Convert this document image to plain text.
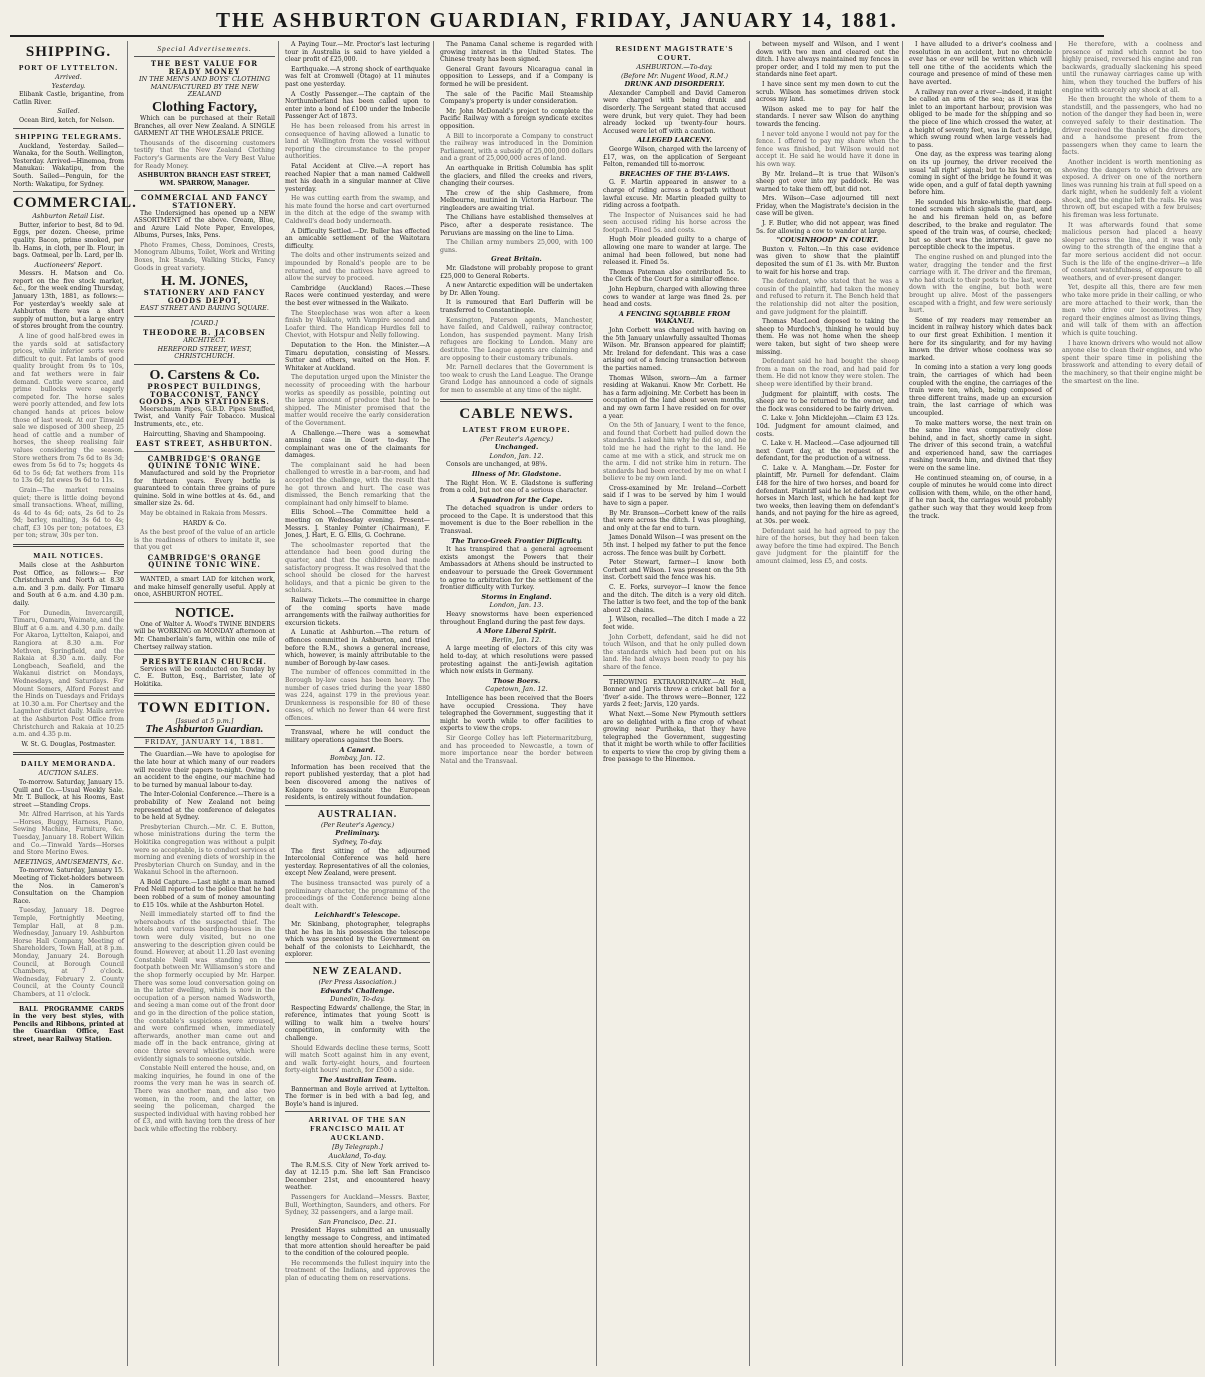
THE ASHBURTON GUARDIAN, FRIDAY, JANUARY 14, 1881.
SHIPPING.
PORT OF LYTTELTON.
Arrived.
Yesterday.

Elibank Castle, brigantine, from Catlin River.

Sailed.

Ocean Bird, ketch, for Nelson.

SHIPPING TELEGRAMS.

Auckland, Yesterday. Sailed—Wanaka, for the South. Wellington, Yesterday. Arrived—Hinemoa, from Manukau: Wakatipu, from the South. Sailed—Penguin, for the North: Wakatipu, for Sydney.

COMMERCIAL.
Ashburton Retail List.

Butter, inferior to best, 8d to 9d. Eggs, per dozen. Cheese, prime quality. Bacon, prime smoked, per lb. Hams, in cloth, per lb. Flour, in bags. Oatmeal, per lb. Lard, per lb.

Auctioneers' Report.

Messrs. H. Matson and Co. report on the five stock market, &c., for the week ending Thursday, January 13th, 1881, as follows:— For yesterday's weekly sale at Ashburton there was a short supply of mutton, but a large entry of stores brought from the country.

A line of good half-bred ewes in the yards sold at satisfactory prices, while inferior sorts were difficult to quit. Fat lambs of good quality brought from 9s to 10s, and fat wethers were in fair demand. Cattle were scarce, and prime bullocks were eagerly competed for. The horse sales were poorly attended, and few lots changed hands at prices below those of last week. At our Tinwald sale we disposed of 300 sheep, 25 head of cattle and a number of horses, the sheep realising fair values considering the season. Store wethers from 7s 6d to 8s 3d; ewes from 5s 6d to 7s; hoggets 4s 6d to 5s 6d; fat wethers from 11s to 13s 6d; fat ewes 9s 6d to 11s.

Grain—The market remains quiet; there is little doing beyond small transactions. Wheat, milling, 4s 4d to 4s 6d; oats, 2s 6d to 2s 9d; barley, malting, 3s 6d to 4s; chaff, £3 10s per ton; potatoes, £3 per ton; straw, 30s per ton.

MAIL NOTICES.

Mails close at the Ashburton Post Office, as follows:— For Christchurch and North at 8.30 a.m. and 3 p.m. daily. For Timaru and South at 6 a.m. and 4.30 p.m. daily.

For Dunedin, Invercargill, Timaru, Oamaru, Waimate, and the Bluff at 6 a.m. and 4.30 p.m. daily. For Akaroa, Lyttelton, Kaiapoi, and Rangiora at 8.30 a.m. For Methven, Springfield, and the Rakaia at 8.30 a.m. daily. For Longbeach, Seafield, and the Wakanui district on Mondays, Wednesdays, and Saturdays. For Mount Somers, Alford Forest and the Hinds on Tuesdays and Fridays at 10.30 a.m. For Chertsey and the Lagmhor district daily. Mails arrive at the Ashburton Post Office from Christchurch and Rakaia at 10.25 a.m. and 4.35 p.m.

W. St. G. Douglas, Postmaster.

DAILY MEMORANDA.
AUCTION SALES.

To-morrow. Saturday, January 15. Quill and Co.—Usual Weekly Sale. Mr. T. Bullock, at his Rooms, East street —Standing Crops.

Mr. Alfred Harrison, at his Yards—Horses, Buggy, Harness, Piano, Sewing Machine, Furniture, &c. Tuesday, January 18. Robert Wilkin and Co.—Tinwald Yards—Horses and Store Merino Ewes.

MEETINGS, AMUSEMENTS, &c.

To-morrow. Saturday, January 15. Meeting of Ticket-holders between the Nos. in Cameron's Consultation on the Champion Race.

Tuesday, January 18. Degree Temple, Fortnightly Meeting, Templar Hall, at 8 p.m. Wednesday, January 19. Ashburton Horse Hall Company, Meeting of Shareholders, Town Hall, at 8 p.m. Monday, January 24. Borough Council, at Borough Council Chambers, at 7 o'clock. Wednesday, February 2. County Council, at the County Council Chambers, at 11 o'clock.

BALL PROGRAMME CARDS in the very best styles, with Pencils and Ribbons, printed at the Guardian Office, East street, near Railway Station.

Special Advertisements.
THE BEST VALUE FOR READY MONEY
IN THE MEN'S AND BOYS' CLOTHING MANUFACTURED BY THE NEW ZEALAND
Clothing Factory,

Which can be purchased at their Retail Branches, all over New Zealand. A SINGLE GARMENT AT THE WHOLESALE PRICE.

Thousands of the discerning customers testify that the New Zealand Clothing Factory's Garments are the Very Best Value for Ready Money.

ASHBURTON BRANCH EAST STREET, WM. SPARROW, Manager.

COMMERCIAL AND FANCY STATIONERY.

The Undersigned has opened up a NEW ASSORTMENT of the above. Cream, Blue, and Azure Laid Note Paper, Envelopes, Albums, Purses, Inks, Pens.

Photo Frames, Chess, Dominoes, Crests, Monogram Albums, Toilet, Work and Writing Boxes, Ink Stands, Walking Sticks, Fancy Goods in great variety.

H. M. JONES,
STATIONERY AND FANCY GOODS DEPOT,
EAST STREET AND BARING SQUARE.
[CARD.]
THEODORE B. JACOBSEN
ARCHITECT.
HEREFORD STREET, WEST, CHRISTCHURCH.
O. Carstens & Co.
PROSPECT BUILDINGS, TOBACCONIST, FANCY GOODS, AND STATIONERS.

Meerschaum Pipes, G.B.D. Pipes Snuffed, Twist, and Vanity Fair Tobacco. Musical Instruments, etc., etc.

Haircutting, Shaving and Shampooing.

EAST STREET, ASHBURTON.
CAMBRIDGE'S ORANGE QUININE TONIC WINE.

Manufactured and sold by the Proprietor for thirteen years. Every bottle is guaranteed to contain three grains of pure quinine. Sold in wine bottles at 4s. 6d., and smaller size 2s. 6d.

May be obtained in Rakaia from Messrs.

HARDY & Co.

As the best proof of the value of an article is the readiness of others to imitate it, see that you get

CAMBRIDGE'S ORANGE QUININE TONIC WINE.

WANTED, a smart LAD for kitchen work, and make himself generally useful. Apply at once, ASHBURTON HOTEL.

NOTICE.

One of Walter A. Wood's TWINE BINDERS will be WORKING on MONDAY afternoon at Mr. Chamberlain's farm, within one mile of Chertsey railway station.

PRESBYTERIAN CHURCH.

Services will be conducted on Sunday by C. E. Button, Esq., Barrister, late of Hokitika.

TOWN EDITION.
[Issued at 5 p.m.]
The Ashburton Guardian.
FRIDAY, JANUARY 14, 1881.

The Guardian.—We have to apologise for the late hour at which many of our readers will receive their papers to-night. Owing to an accident to the engine, our machine had to be turned by manual labour to-day.

The Inter-Colonial Conference.—There is a probability of New Zealand not being represented at the conference of delegates to be held at Sydney.

Presbyterian Church.—Mr. C. E. Button, whose ministrations during the term the Hokitika congregation was without a pulpit were so acceptable, is to conduct services at morning and evening diets of worship in the Presbyterian Church on Sunday, and in the Wakanui School in the afternoon.

A Bold Capture.—Last night a man named Fred Neill reported to the police that he had been robbed of a sum of money amounting to £15 10s. while at the Ashburton Hotel.

Neill immediately started off to find the whereabouts of the suspected thief. The hotels and various boarding-houses in the town were duly visited, but no one answering to the description given could be found. However, at about 11.20 last evening Constable Neill was standing on the footpath between Mr. Williamson's store and the shop formerly occupied by Mr. Harper. There was some loud conversation going on in the latter dwelling, which is now in the occupation of a person named Wadsworth, and seeing a man come out of the front door and go in the direction of the police station, the constable's suspicions were aroused, and were confirmed when, immediately afterwards, another man came out and made off in the back entrance, giving at once three several whistles, which were evidently signals to someone outside.

Constable Neill entered the house, and, on making inquiries, he found in one of the rooms the very man he was in search of. There was another man, and also two women, in the room, and the latter, on seeing the policeman, charged the suspected individual with having robbed her of £3, and with having torn the dress of her back while effecting the robbery.

A Paying Tour.—Mr. Proctor's last lecturing tour in Australia is said to have yielded a clear profit of £25,000.

Earthquake.—A strong shock of earthquake was felt at Cromwell (Otago) at 11 minutes past one yesterday.

A Costly Passenger.—The captain of the Northumberland has been called upon to enter into a bond of £100 under the Imbecile Passenger Act of 1873.

He has been released from his arrest in consequence of having allowed a lunatic to land at Wellington from the vessel without reporting the circumstance to the proper authorities.

Fatal Accident at Clive.—A report has reached Napier that a man named Caldwell met his death in a singular manner at Clive yesterday.

He was cutting earth from the swamp, and his mate found the horse and cart overturned in the ditch at the edge of the swamp with Caldwell's dead body underneath.

A Difficulty Settled.—Dr. Buller has effected an amicable settlement of the Waitotara difficulty.

The dolts and other instruments seized and impounded by Ronald's people are to be returned, and the natives have agreed to allow the survey to proceed.

Cambridge (Auckland) Races.—These Races were continued yesterday, and were the best ever witnessed in the Waikato.

The Steeplechase was won after a keen finish by Waikato, with Vampire second and Loafer third. The Handicap Hurdles fell to Cheviot, with Hotspur and Nelly following.

Deputation to the Hon. the Minister.—A Timaru deputation, consisting of Messrs. Sutter and others, waited on the Hon. F. Whitaker at Auckland.

The deputation urged upon the Minister the necessity of proceeding with the harbour works as speedily as possible, pointing out the large amount of produce that had to be shipped. The Minister promised that the matter would receive the early consideration of the Government.

A Challenge.—There was a somewhat amusing case in Court to-day. The complainant was one of the claimants for damages.

The complainant said he had been challenged to wrestle in a bar-room, and had accepted the challenge, with the result that he got thrown and hurt. The case was dismissed, the Bench remarking that the complainant had only himself to blame.

Ellis School.—The Committee held a meeting on Wednesday evening. Present—Messrs. J. Stanley Pointer (Chairman), F. Jones, J. Hart, E. G. Ellis, G. Cochrane.

The schoolmaster reported that the attendance had been good during the quarter, and that the children had made satisfactory progress. It was resolved that the school should be closed for the harvest holidays, and that a picnic be given to the scholars.

Railway Tickets.—The committee in charge of the coming sports have made arrangements with the railway authorities for excursion tickets.

A Lunatic at Ashburton.—The return of offences committed in Ashburton, and tried before the R.M., shows a general increase, which, however, is mainly attributable to the number of Borough by-law cases.

The number of offences committed in the Borough by-law cases has been heavy. The number of cases tried during the year 1880 was 224, against 179 in the previous year. Drunkenness is responsible for 80 of these cases, of which no fewer than 44 were first offences.

Transvaal, where he will conduct the military operations against the Boers.

A Canard.
Bombay, Jan. 12.

Information has been received that the report published yesterday, that a plot had been discovered among the natives of Kolapore to assassinate the European residents, is entirely without foundation.

AUSTRALIAN.
(Per Reuter's Agency.)
Preliminary.
Sydney, To-day.

The first sitting of the adjourned Intercolonial Conference was held here yesterday. Representatives of all the colonies, except New Zealand, were present.

The business transacted was purely of a preliminary character, the programme of the proceedings of the Conference being alone dealt with.

Leichhardt's Telescope.

Mr. Skinbang, photographer, telegraphs that he has in his possession the telescope which was presented by the Government on behalf of the colonists to Leichhardt, the explorer.

NEW ZEALAND.
(Per Press Association.)
Edwards' Challenge.
Dunedin, To-day.

Respecting Edwards' challenge, the Star, in reference, intimates that young Scott is willing to walk him a twelve hours' competition, in conformity with the challenge.

Should Edwards decline these terms, Scott will match Scott against him in any event, and walk forty-eight hours, and fourteen forty-eight hours' match, for £500 a side.

The Australian Team.

Bannerman and Boyle arrived at Lyttelton. The former is in bed with a bad leg, and Boyle's hand is injured.

ARRIVAL OF THE SAN FRANCISCO MAIL AT AUCKLAND.
[By Telegraph.]
Auckland, To-day.

The R.M.S.S. City of New York arrived to-day at 12.15 p.m. She left San Francisco December 21st, and encountered heavy weather.

Passengers for Auckland—Messrs. Baxter, Bull, Worthington, Saunders, and others. For Sydney, 32 passengers, and a large mail.

San Francisco, Dec. 21.

President Hayes submitted an unusually lengthy message to Congress, and intimated that more attention should hereafter be paid to the condition of the coloured people.

He recommends the fullest inquiry into the treatment of the Indians, and approves the plan of educating them on reservations.

The Panama Canal scheme is regarded with growing interest in the United States. The Chinese treaty has been signed.

General Grant favours Nicaragua canal in opposition to Lesseps, and if a Company is formed he will be president.

The sale of the Pacific Mail Steamship Company's property is under consideration.

Mr. John McDonald's project to complete the Pacific Railway with a foreign syndicate excites opposition.

A Bill to incorporate a Company to construct the railway was introduced in the Dominion Parliament, with a subsidy of 25,000,000 dollars and a grant of 25,000,000 acres of land.

An earthquake in British Columbia has split the glaciers, and filled the creeks and rivers, changing their courses.

The crew of the ship Cashmere, from Melbourne, mutinied in Victoria Harbour. The ringleaders are awaiting trial.

The Chilians have established themselves at Pisco, after a desperate resistance. The Peruvians are massing on the line to Lima.

The Chilian army numbers 25,000, with 100 guns.

Great Britain.

Mr. Gladstone will probably propose to grant £25,000 to General Roberts.

A new Antarctic expedition will be undertaken by Dr. Allen Young.

It is rumoured that Earl Dufferin will be transferred to Constantinople.

Kensington, Paterson agents, Manchester, have failed, and Caldwell, railway contractor, London, has suspended payment. Many Irish refugees are flocking to London. Many are destitute. The League agents are claiming and are opposing to their customary tribunals.

Mr. Parnell declares that the Government is too weak to crush the Land League. The Orange Grand Lodge has announced a code of signals for men to assemble at any time of the night.

CABLE NEWS.
LATEST FROM EUROPE.
(Per Reuter's Agency.)
Unchanged.
London, Jan. 12.

Consols are unchanged, at 98⅝.

Illness of Mr. Gladstone.

The Right Hon. W. E. Gladstone is suffering from a cold, but not one of a serious character.

A Squadron for the Cape.

The detached squadron is under orders to proceed to the Cape. It is understood that this movement is due to the Boer rebellion in the Transvaal.

The Turco-Greek Frontier Difficulty.

It has transpired that a general agreement exists amongst the Powers that their Ambassadors at Athens should be instructed to endeavour to persuade the Greek Government to agree to arbitration for the settlement of the frontier difficulty with Turkey.

Storms in England.
London, Jan. 13.

Heavy snowstorms have been experienced throughout England during the past few days.

A More Liberal Spirit.
Berlin, Jan. 12.

A large meeting of electors of this city was held to-day, at which resolutions were passed protesting against the anti-Jewish agitation which now exists in Germany.

Those Boers.
Capetown, Jan. 12.

Intelligence has been received that the Boers have occupied Cressiona. They have telegraphed the Government, suggesting that it might be worth while to offer facilities to experts to view the crops.

Sir George Colley has left Pietermaritzburg, and has proceeded to Newcastle, a town of more importance near the border between Natal and the Transvaal.

RESIDENT MAGISTRATE'S COURT.
ASHBURTON.—To-day.
(Before Mr. Nugent Wood, R.M.)
DRUNK AND DISORDERLY.

Alexander Campbell and David Cameron were charged with being drunk and disorderly. The Sergeant stated that accused were drunk, but very quiet. They had been already locked up twenty-four hours. Accused were let off with a caution.

ALLEGED LARCENY.

George Wilson, charged with the larceny of £17, was, on the application of Sergeant Felton, remanded till to-morrow.

BREACHES OF THE BY-LAWS.

G. F. Martin appeared in answer to a charge of riding across a footpath without lawful excuse. Mr. Martin pleaded guilty to riding across a footpath.

The Inspector of Nuisances said he had seen accused riding his horse across the footpath. Fined 5s. and costs.

Hugh Moir pleaded guilty to a charge of allowing one mare to wander at large. The animal had been followed, but none had released it. Fined 5s.

Thomas Pateman also contributed 5s. to the Clerk of the Court for a similar offence.

John Hepburn, charged with allowing three cows to wander at large was fined 2s. per head and costs.

A FENCING SQUABBLE FROM WAKANUI.

John Corbett was charged with having on the 5th January unlawfully assaulted Thomas Wilson. Mr. Branson appeared for plaintiff; Mr. Ireland for defendant. This was a case arising out of a fencing transaction between the parties named.

Thomas Wilson, sworn—Am a farmer residing at Wakanui. Know Mr. Corbett. He has a farm adjoining. Mr. Corbett has been in occupation of the land about seven months, and my own farm I have resided on for over a year.

On the 5th of January, I went to the fence, and found that Corbett had pulled down the standards. I asked him why he did so, and he told me he had the right to the land. He came at me with a stick, and struck me on the arm. I did not strike him in return. The standards had been erected by me on what I believe to be my own land.

Cross-examined by Mr. Ireland—Corbett said if I was to be served by him I would have to sign a paper.

By Mr. Branson—Corbett knew of the rails that were across the ditch. I was ploughing, and only at the far end to turn.

James Donald Wilson—I was present on the 5th inst. I helped my father to put the fence across. The fence was built by Corbett.

Peter Stewart, farmer—I know both Corbett and Wilson. I was present on the 5th inst. Corbett said the fence was his.

C. E. Forks, surveyor—I know the fence and the ditch. The ditch is a very old ditch. The latter is two feet, and the top of the bank about 22 chains.

J. Wilson, recalled—The ditch I made a 22 feet wide.

John Corbett, defendant, said he did not touch Wilson, and that he only pulled down the standards which had been put on his land. He had always been ready to pay his share of the fence.

THROWING EXTRAORDINARY.—At Holl, Bonner and Jarvis threw a cricket ball for a 'fiver' a-side. The throws were—Bonner, 122 yards 2 feet; Jarvis, 120 yards.

What Next.—Some New Plymouth settlers are so delighted with a fine crop of wheat growing near Puriheka, that they have telegraphed the Government, suggesting that it might be worth while to offer facilities to experts to view the crop by giving them a free passage to the Hinemoa.

between myself and Wilson, and I went down with two men and cleared out the ditch. I have always maintained my fences in proper order, and I told my men to put the standards nine feet apart.

I have since sent my men down to cut the scrub. Wilson has sometimes driven stock across my land.

Wilson asked me to pay for half the standards. I never saw Wilson do anything towards the fencing.

I never told anyone I would not pay for the fence. I offered to pay my share when the fence was finished, but Wilson would not accept it. He said he would have it done in his own way.

By Mr. Ireland—It is true that Wilson's sheep got over into my paddock. He was warned to take them off, but did not.

Mrs. Wilson—Case adjourned till next Friday, when the Magistrate's decision in the case will be given.

J. F. Butler, who did not appear, was fined 5s. for allowing a cow to wander at large.

"COUSINHOOD" IN COURT.

Buxton v. Felton.—In this case evidence was given to show that the plaintiff deposited the sum of £1 3s. with Mr. Buxton to wait for his horse and trap.

The defendant, who stated that he was a cousin of the plaintiff, had taken the money and refused to return it. The Bench held that the relationship did not alter the position, and gave judgment for the plaintiff.

Thomas MacLeod deposed to taking the sheep to Murdoch's, thinking he would buy them. He was not home when the sheep were taken, but sight of two sheep were missing.

Defendant said he had bought the sheep from a man on the road, and had paid for them. He did not know they were stolen. The sheep were identified by their brand.

Judgment for plaintiff, with costs. The sheep are to be returned to the owner, and the flock was considered to be fairly driven.

C. Lake v. John Micklejohn.—Claim £3 12s. 10d. Judgment for amount claimed, and costs.

C. Lake v. H. Macleod.—Case adjourned till next Court day, at the request of the defendant, for the production of a witness.

C. Lake v. A. Mangham.—Dr. Foster for plaintiff, Mr. Purnell for defendant. Claim £48 for the hire of two horses, and board for defendant. Plaintiff said he let defendant two horses in March last, which he had kept for two weeks, then leaving them on defendant's hands, and not paying for the hire as agreed, at 30s. per week.

Defendant said he had agreed to pay the hire of the horses, but they had been taken away before the time had expired. The Bench gave judgment for the plaintiff for the amount claimed, less £5, and costs.

I have alluded to a driver's coolness and resolution in an accident, but no chronicle ever has or ever will be written which will tell one tithe of the accidents which the courage and presence of mind of these men have averted.

A railway ran over a river—indeed, it might be called an arm of the sea; as it was the inlet to an important harbour, provision was obliged to be made for the shipping and so the piece of line which crossed the water, at a height of seventy feet, was in fact a bridge, which swung round when large vessels had to pass.

One day, as the express was tearing along on its up journey, the driver received the usual "all right" signal; but to his horror, on coming in sight of the bridge he found it was wide open, and a gulf of fatal depth yawning before him.

He sounded his brake-whistle, that deep-toned scream which signals the guard, and he and his fireman held on, as before described, to the brake and regulator. The speed of the train was, of course, checked; but so short was the interval, it gave no perceptible check to the impetus.

The engine rushed on and plunged into the water, dragging the tender and the first carriage with it. The driver and the fireman, who had stuck to their posts to the last, went down with the engine, but both were brought up alive. Most of the passengers escaped with a fright, and few were seriously hurt.

Some of my readers may remember an incident in railway history which dates back to our first great Exhibition. I mention it here for its singularity, and for my having known the driver whose coolness was so marked.

In coming into a station a very long goods train, the carriages of which had been coupled with the engine, the carriages of the train were ten, which, being composed of three different trains, made up an excursion train, the last carriage of which was uncoupled.

To make matters worse, the next train on the same line was comparatively close behind, and in fact, shortly came in sight. The driver of this second train, a watchful and experienced hand, saw the carriages rushing towards him, and divined that they were on the same line.

He continued steaming on, of course, in a couple of minutes he would come into direct collision with them, while, on the other hand, if he ran back, the carriages would probably gather such way that they would keep from the track.

He therefore, with a coolness and presence of mind which cannot be too highly praised, reversed his engine and ran backwards, gradually slackening his speed until the runaway carriages came up with him, when they touched the buffers of his engine with scarcely any shock at all.

He then brought the whole of them to a standstill, and the passengers, who had no notion of the danger they had been in, were conveyed safely to their destination. The driver received the thanks of the directors, and a handsome present from the passengers when they came to learn the facts.

Another incident is worth mentioning as showing the dangers to which drivers are exposed. A driver on one of the northern lines was running his train at full speed on a dark night, when he suddenly felt a violent shock, and the engine left the rails. He was thrown off, but escaped with a few bruises; his fireman was less fortunate.

It was afterwards found that some malicious person had placed a heavy sleeper across the line, and it was only owing to the strength of the engine that a far more serious accident did not occur. Such is the life of the engine-driver—a life of constant watchfulness, of exposure to all weathers, and of ever-present danger.

Yet, despite all this, there are few men who take more pride in their calling, or who are more attached to their work, than the men who drive our locomotives. They regard their engines almost as living things, and will talk of them with an affection which is quite touching.

I have known drivers who would not allow anyone else to clean their engines, and who spent their spare time in polishing the brasswork and attending to every detail of the machinery, so that their engine might be the smartest on the line.
